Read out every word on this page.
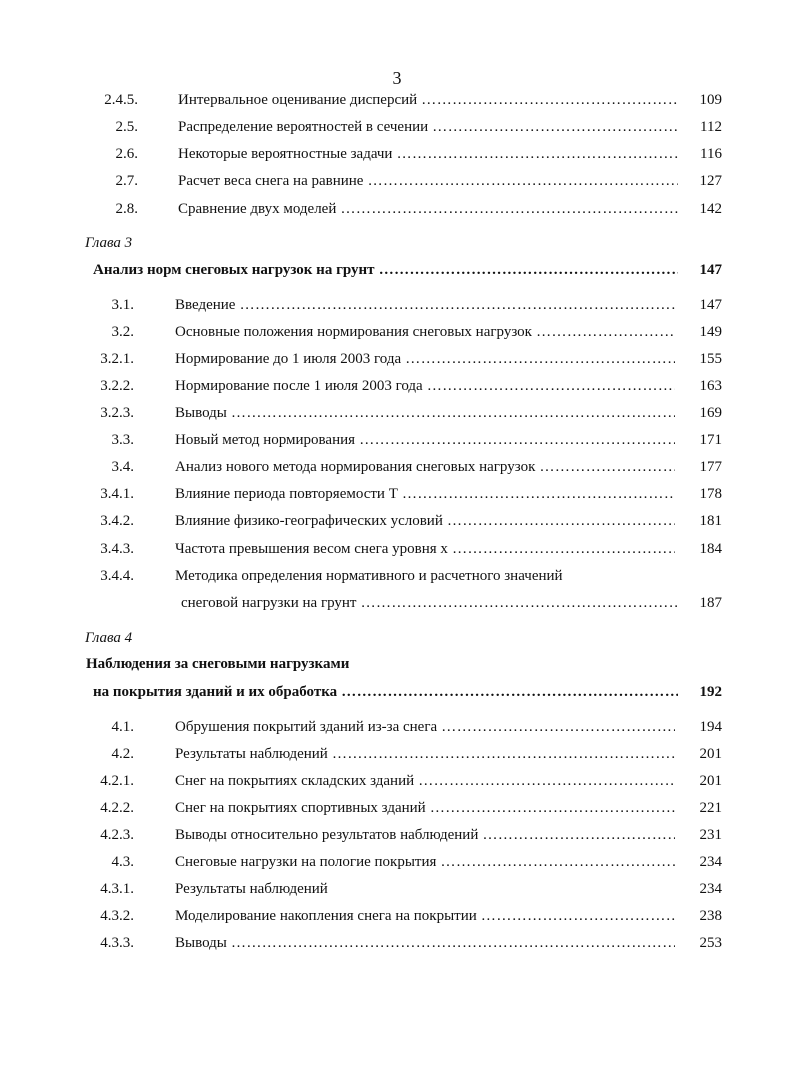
3
2.4.5.	Интервальное оценивание дисперсий ……………………………………………………………………………………………………………………………………………………………………………	109
2.5.	Распределение вероятностей в сечении ……………………………………………………………………………………………………………………………………………………………………………	112
2.6.	Некоторые вероятностные задачи ……………………………………………………………………………………………………………………………………………………………………………	116
2.7.	Расчет веса снега на равнине ……………………………………………………………………………………………………………………………………………………………………………	127
2.8.	Сравнение двух моделей ……………………………………………………………………………………………………………………………………………………………………………	142
Глава 3
Анализ норм снеговых нагрузок на грунт ……………………………………………………………………………………………………………………………………………………………………………	147
3.1.	Введение ……………………………………………………………………………………………………………………………………………………………………………	147
3.2.	Основные положения нормирования снеговых нагрузок ……………………………………………………………………………………………………………………………………………………………………………	149
3.2.1.	Нормирование до 1 июля 2003 года ……………………………………………………………………………………………………………………………………………………………………………	155
3.2.2.	Нормирование после 1 июля 2003 года ……………………………………………………………………………………………………………………………………………………………………………	163
3.2.3.	Выводы ……………………………………………………………………………………………………………………………………………………………………………	169
3.3.	Новый метод нормирования ……………………………………………………………………………………………………………………………………………………………………………	171
3.4.	Анализ нового метода нормирования снеговых нагрузок ……………………………………………………………………………………………………………………………………………………………………………	177
3.4.1.	Влияние периода повторяемости T ……………………………………………………………………………………………………………………………………………………………………………	178
3.4.2.	Влияние физико-географических условий ……………………………………………………………………………………………………………………………………………………………………………	181
3.4.3.	Частота превышения весом снега уровня x ……………………………………………………………………………………………………………………………………………………………………………	184
3.4.4.	Методика определения нормативного и расчетного значений
снеговой нагрузки на грунт ……………………………………………………………………………………………………………………………………………………………………………	187
Глава 4
Наблюдения за снеговыми нагрузками
на покрытия зданий и их обработка ……………………………………………………………………………………………………………………………………………………………………………	192
4.1.	Обрушения покрытий зданий из-за снега ……………………………………………………………………………………………………………………………………………………………………………	194
4.2.	Результаты наблюдений ……………………………………………………………………………………………………………………………………………………………………………	201
4.2.1.	Снег на покрытиях складских зданий ……………………………………………………………………………………………………………………………………………………………………………	201
4.2.2.	Снег на покрытиях спортивных зданий ……………………………………………………………………………………………………………………………………………………………………………	221
4.2.3.	Выводы относительно результатов наблюдений ……………………………………………………………………………………………………………………………………………………………………………	231
4.3.	Снеговые нагрузки на пологие покрытия ……………………………………………………………………………………………………………………………………………………………………………	234
4.3.1.	Результаты наблюдений	234
4.3.2.	Моделирование накопления снега на покрытии ……………………………………………………………………………………………………………………………………………………………………………	238
4.3.3.	Выводы ……………………………………………………………………………………………………………………………………………………………………………	253
